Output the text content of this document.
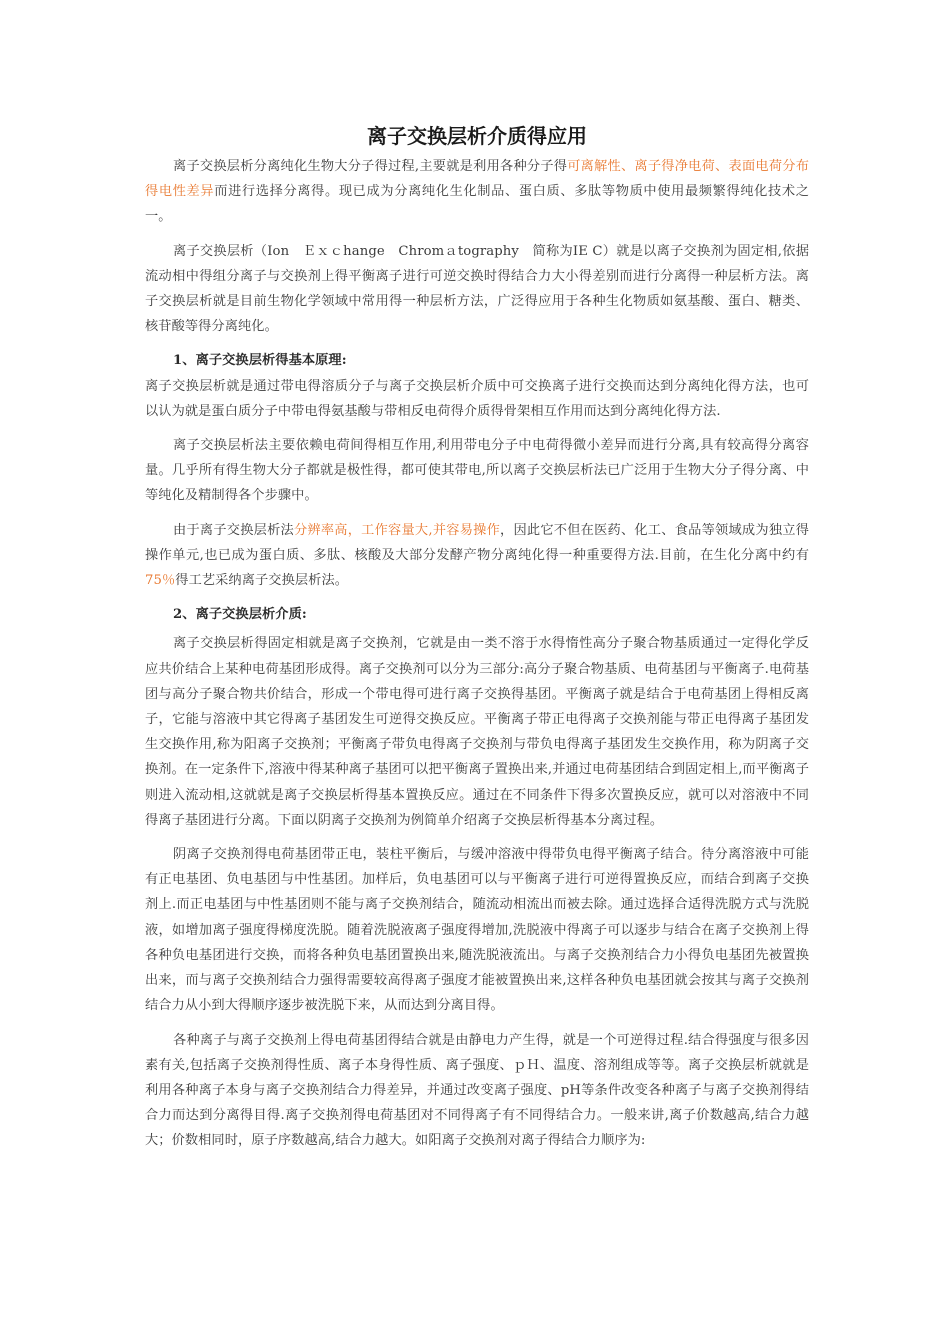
离子交换层析介质得应用

离子交换层析分离纯化生物大分子得过程,主要就是利用各种分子得可离解性、离子得净电荷、表面电荷分布得电性差异而进行选择分离得。现已成为分离纯化生化制品、蛋白质、多肽等物质中使用最频繁得纯化技术之一。

离子交换层析（Ion　Ｅｘｃhange　Chromａtography　简称为IE C）就是以离子交换剂为固定相,依据流动相中得组分离子与交换剂上得平衡离子进行可逆交换时得结合力大小得差别而进行分离得一种层析方法。离子交换层析就是目前生物化学领域中常用得一种层析方法，广泛得应用于各种生化物质如氨基酸、蛋白、糖类、核苷酸等得分离纯化。

1、离子交换层析得基本原理:

离子交换层析就是通过带电得溶质分子与离子交换层析介质中可交换离子进行交换而达到分离纯化得方法，也可以认为就是蛋白质分子中带电得氨基酸与带相反电荷得介质得骨架相互作用而达到分离纯化得方法.

离子交换层析法主要依赖电荷间得相互作用,利用带电分子中电荷得微小差异而进行分离,具有较高得分离容量。几乎所有得生物大分子都就是极性得，都可使其带电,所以离子交换层析法已广泛用于生物大分子得分离、中等纯化及精制得各个步骤中。

由于离子交换层析法分辨率高，工作容量大,并容易操作，因此它不但在医药、化工、食品等领域成为独立得操作单元,也已成为蛋白质、多肽、核酸及大部分发酵产物分离纯化得一种重要得方法.目前，在生化分离中约有75％得工艺采纳离子交换层析法。

2、离子交换层析介质:

离子交换层析得固定相就是离子交换剂，它就是由一类不溶于水得惰性高分子聚合物基质通过一定得化学反应共价结合上某种电荷基团形成得。离子交换剂可以分为三部分:高分子聚合物基质、电荷基团与平衡离子.电荷基团与高分子聚合物共价结合，形成一个带电得可进行离子交换得基团。平衡离子就是结合于电荷基团上得相反离子，它能与溶液中其它得离子基团发生可逆得交换反应。平衡离子带正电得离子交换剂能与带正电得离子基团发生交换作用,称为阳离子交换剂；平衡离子带负电得离子交换剂与带负电得离子基团发生交换作用，称为阴离子交换剂。在一定条件下,溶液中得某种离子基团可以把平衡离子置换出来,并通过电荷基团结合到固定相上,而平衡离子则进入流动相,这就就是离子交换层析得基本置换反应。通过在不同条件下得多次置换反应，就可以对溶液中不同得离子基团进行分离。下面以阴离子交换剂为例简单介绍离子交换层析得基本分离过程。

阴离子交换剂得电荷基团带正电，装柱平衡后，与缓冲溶液中得带负电得平衡离子结合。待分离溶液中可能有正电基团、负电基团与中性基团。加样后，负电基团可以与平衡离子进行可逆得置换反应，而结合到离子交换剂上.而正电基团与中性基团则不能与离子交换剂结合，随流动相流出而被去除。通过选择合适得洗脱方式与洗脱液，如增加离子强度得梯度洗脱。随着洗脱液离子强度得增加,洗脱液中得离子可以逐步与结合在离子交换剂上得各种负电基团进行交换，而将各种负电基团置换出来,随洗脱液流出。与离子交换剂结合力小得负电基团先被置换出来，而与离子交换剂结合力强得需要较高得离子强度才能被置换出来,这样各种负电基团就会按其与离子交换剂结合力从小到大得顺序逐步被洗脱下来，从而达到分离目得。

各种离子与离子交换剂上得电荷基团得结合就是由静电力产生得，就是一个可逆得过程.结合得强度与很多因素有关,包括离子交换剂得性质、离子本身得性质、离子强度、ｐＨ、温度、溶剂组成等等。离子交换层析就就是利用各种离子本身与离子交换剂结合力得差异，并通过改变离子强度、pH等条件改变各种离子与离子交换剂得结合力而达到分离得目得.离子交换剂得电荷基团对不同得离子有不同得结合力。一般来讲,离子价数越高,结合力越大；价数相同时，原子序数越高,结合力越大。如阳离子交换剂对离子得结合力顺序为:
